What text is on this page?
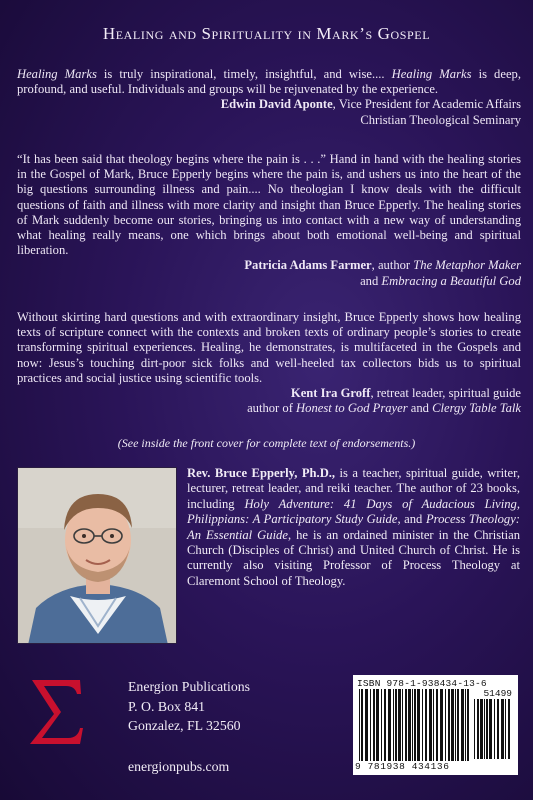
Healing and Spirituality in Mark’s Gospel

Healing Marks is truly inspirational, timely, insightful, and wise.... Healing Marks is deep, profound, and useful. Individuals and groups will be rejuvenated by the experience.

Edwin David Aponte, Vice President for Academic Affairs
Christian Theological Seminary

“It has been said that theology begins where the pain is . . .” Hand in hand with the healing stories in the Gospel of Mark, Bruce Epperly begins where the pain is, and ushers us into the heart of the big questions surrounding illness and pain.... No theologian I know deals with the difficult questions of faith and illness with more clarity and insight than Bruce Epperly. The healing stories of Mark suddenly become our stories, bringing us into contact with a new way of understanding what healing really means, one which brings about both emotional well-being and spiritual liberation.

Patricia Adams Farmer, author The Metaphor Maker
and Embracing a Beautiful God

Without skirting hard questions and with extraordinary insight, Bruce Epperly shows how healing texts of scripture connect with the contexts and broken texts of ordinary people’s stories to create transforming spiritual experiences. Healing, he demonstrates, is multifaceted in the Gospels and now: Jesus’s touching dirt-poor sick folks and well-heeled tax collectors bids us to spiritual practices and social justice using scientific tools.

Kent Ira Groff, retreat leader, spiritual guide
author of Honest to God Prayer and Clergy Table Talk
(See inside the front cover for complete text of endorsements.)
Rev. Bruce Epperly, Ph.D., is a teacher, spiritual guide, writer, lecturer, retreat leader, and reiki teacher. The author of 23 books, including Holy Adventure: 41 Days of Audacious Living, Philippians: A Participatory Study Guide, and Process Theology: An Essential Guide, he is an ordained minister in the Christian Church (Disciples of Christ) and United Church of Christ. He is currently also visiting Professor of Process Theology at Claremont School of Theology.
Energion Publications
P. O. Box 841
Gonzalez, FL 32560
energionpubs.com
ISBN 978-1-938434-13-6
51499
9 781938 434136
